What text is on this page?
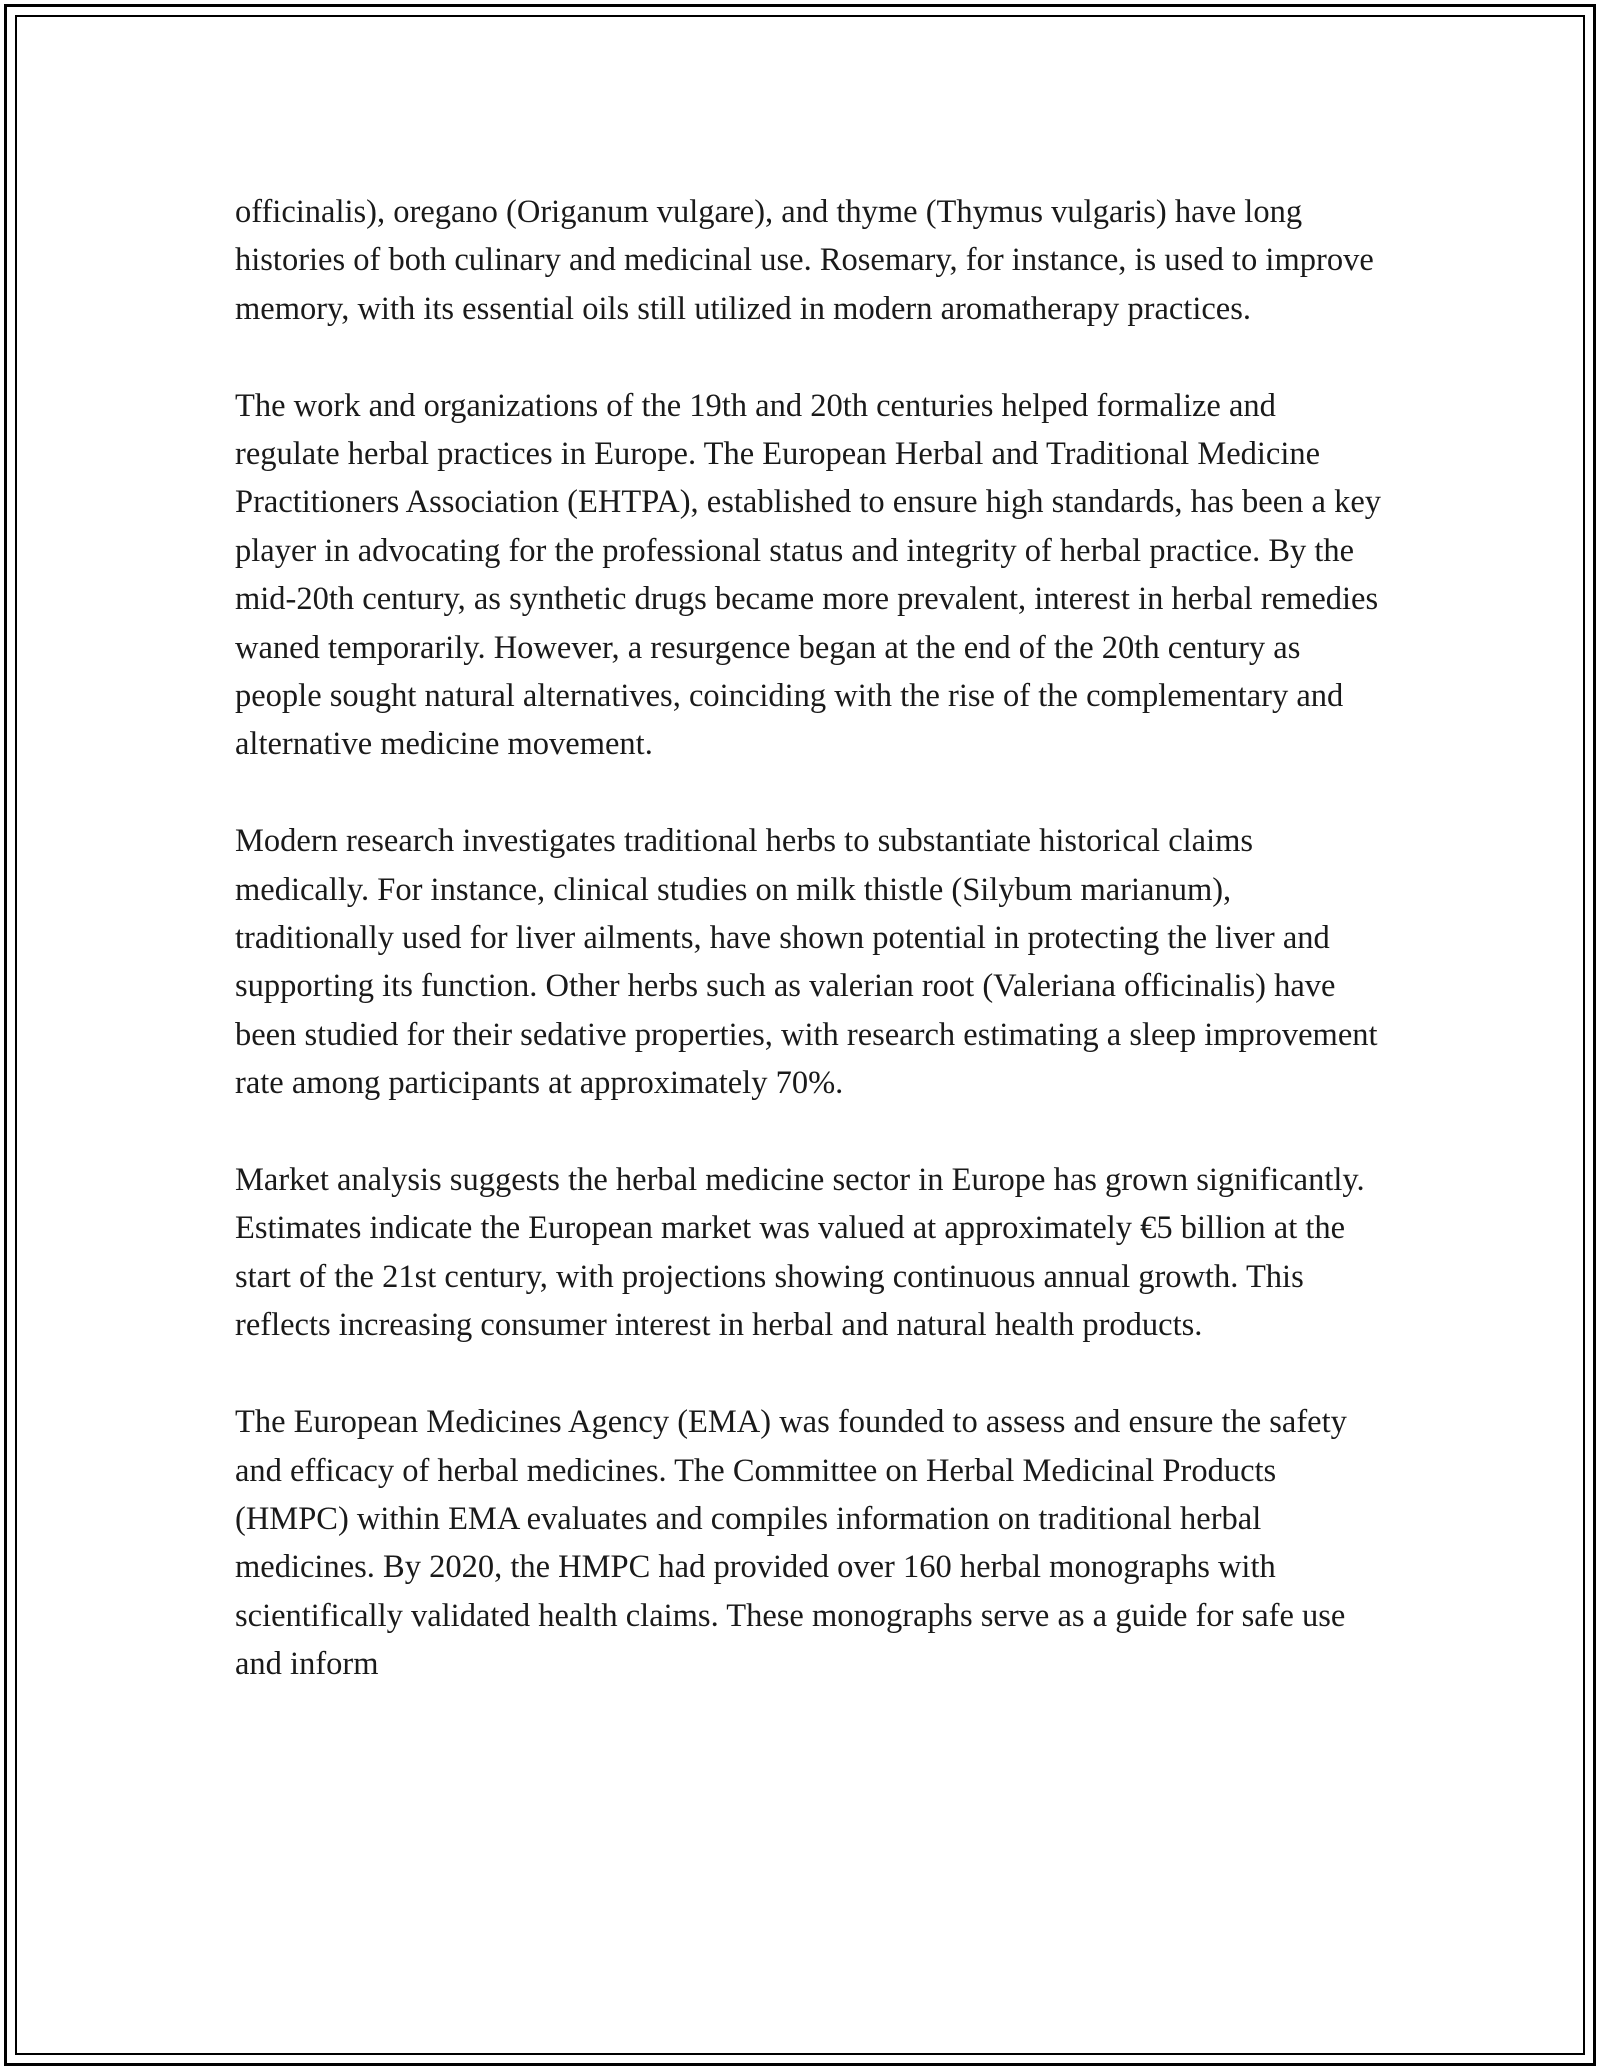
officinalis), oregano (Origanum vulgare), and thyme (Thymus vulgaris) have long histories of both culinary and medicinal use. Rosemary, for instance, is used to improve memory, with its essential oils still utilized in modern aromatherapy practices.

The work and organizations of the 19th and 20th centuries helped formalize and regulate herbal practices in Europe. The European Herbal and Traditional Medicine Practitioners Association (EHTPA), established to ensure high standards, has been a key player in advocating for the professional status and integrity of herbal practice. By the mid-20th century, as synthetic drugs became more prevalent, interest in herbal remedies waned temporarily. However, a resurgence began at the end of the 20th century as people sought natural alternatives, coinciding with the rise of the complementary and alternative medicine movement.

Modern research investigates traditional herbs to substantiate historical claims medically. For instance, clinical studies on milk thistle (Silybum marianum), traditionally used for liver ailments, have shown potential in protecting the liver and supporting its function. Other herbs such as valerian root (Valeriana officinalis) have been studied for their sedative properties, with research estimating a sleep improvement rate among participants at approximately 70%.

Market analysis suggests the herbal medicine sector in Europe has grown significantly. Estimates indicate the European market was valued at approximately €5 billion at the start of the 21st century, with projections showing continuous annual growth. This reflects increasing consumer interest in herbal and natural health products.

The European Medicines Agency (EMA) was founded to assess and ensure the safety and efficacy of herbal medicines. The Committee on Herbal Medicinal Products (HMPC) within EMA evaluates and compiles information on traditional herbal medicines. By 2020, the HMPC had provided over 160 herbal monographs with scientifically validated health claims. These monographs serve as a guide for safe use and inform
